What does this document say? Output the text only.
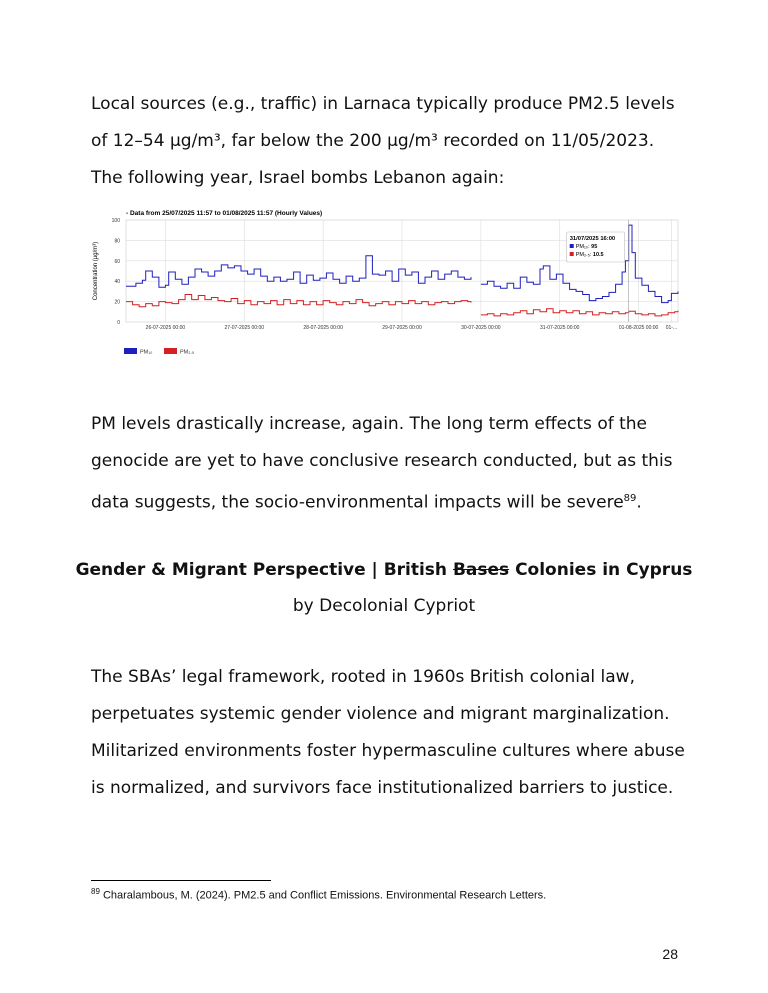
Local sources (e.g., traffic) in Larnaca typically produce PM2.5 levels of 12–54 µg/m³, far below the 200 µg/m³ recorded on 11/05/2023. The following year, Israel bombs Lebanon again:

- Data from 25/07/2025 11:57 to 01/08/2025 11:57 (Hourly Values)
Concentration (µg/m³)
0
20
40
60
80
100
26-07-2025 00:00	27-07-2025 00:00	28-07-2025 00:00	29-07-2025 00:00	30-07-2025 00:00	31-07-2025 00:00	01-08-2025 00:00 01-...
31/07/2025 16:00
PM₁₀: 95
PM₂.₅: 10.5
PM₁₀	PM₂.₅

PM levels drastically increase, again. The long term effects of the genocide are yet to have conclusive research conducted, but as this data suggests, the socio-environmental impacts will be severe$^{89}$.

Gender & Migrant Perspective | British Bases Colonies in Cyprus
by Decolonial Cypriot

The SBAs’ legal framework, rooted in 1960s British colonial law, perpetuates systemic gender violence and migrant marginalization. Militarized environments foster hypermasculine cultures where abuse is normalized, and survivors face institutionalized barriers to justice.

$^{89}$ Charalambous, M. (2024). PM2.5 and Conflict Emissions. Environmental Research Letters.
28
